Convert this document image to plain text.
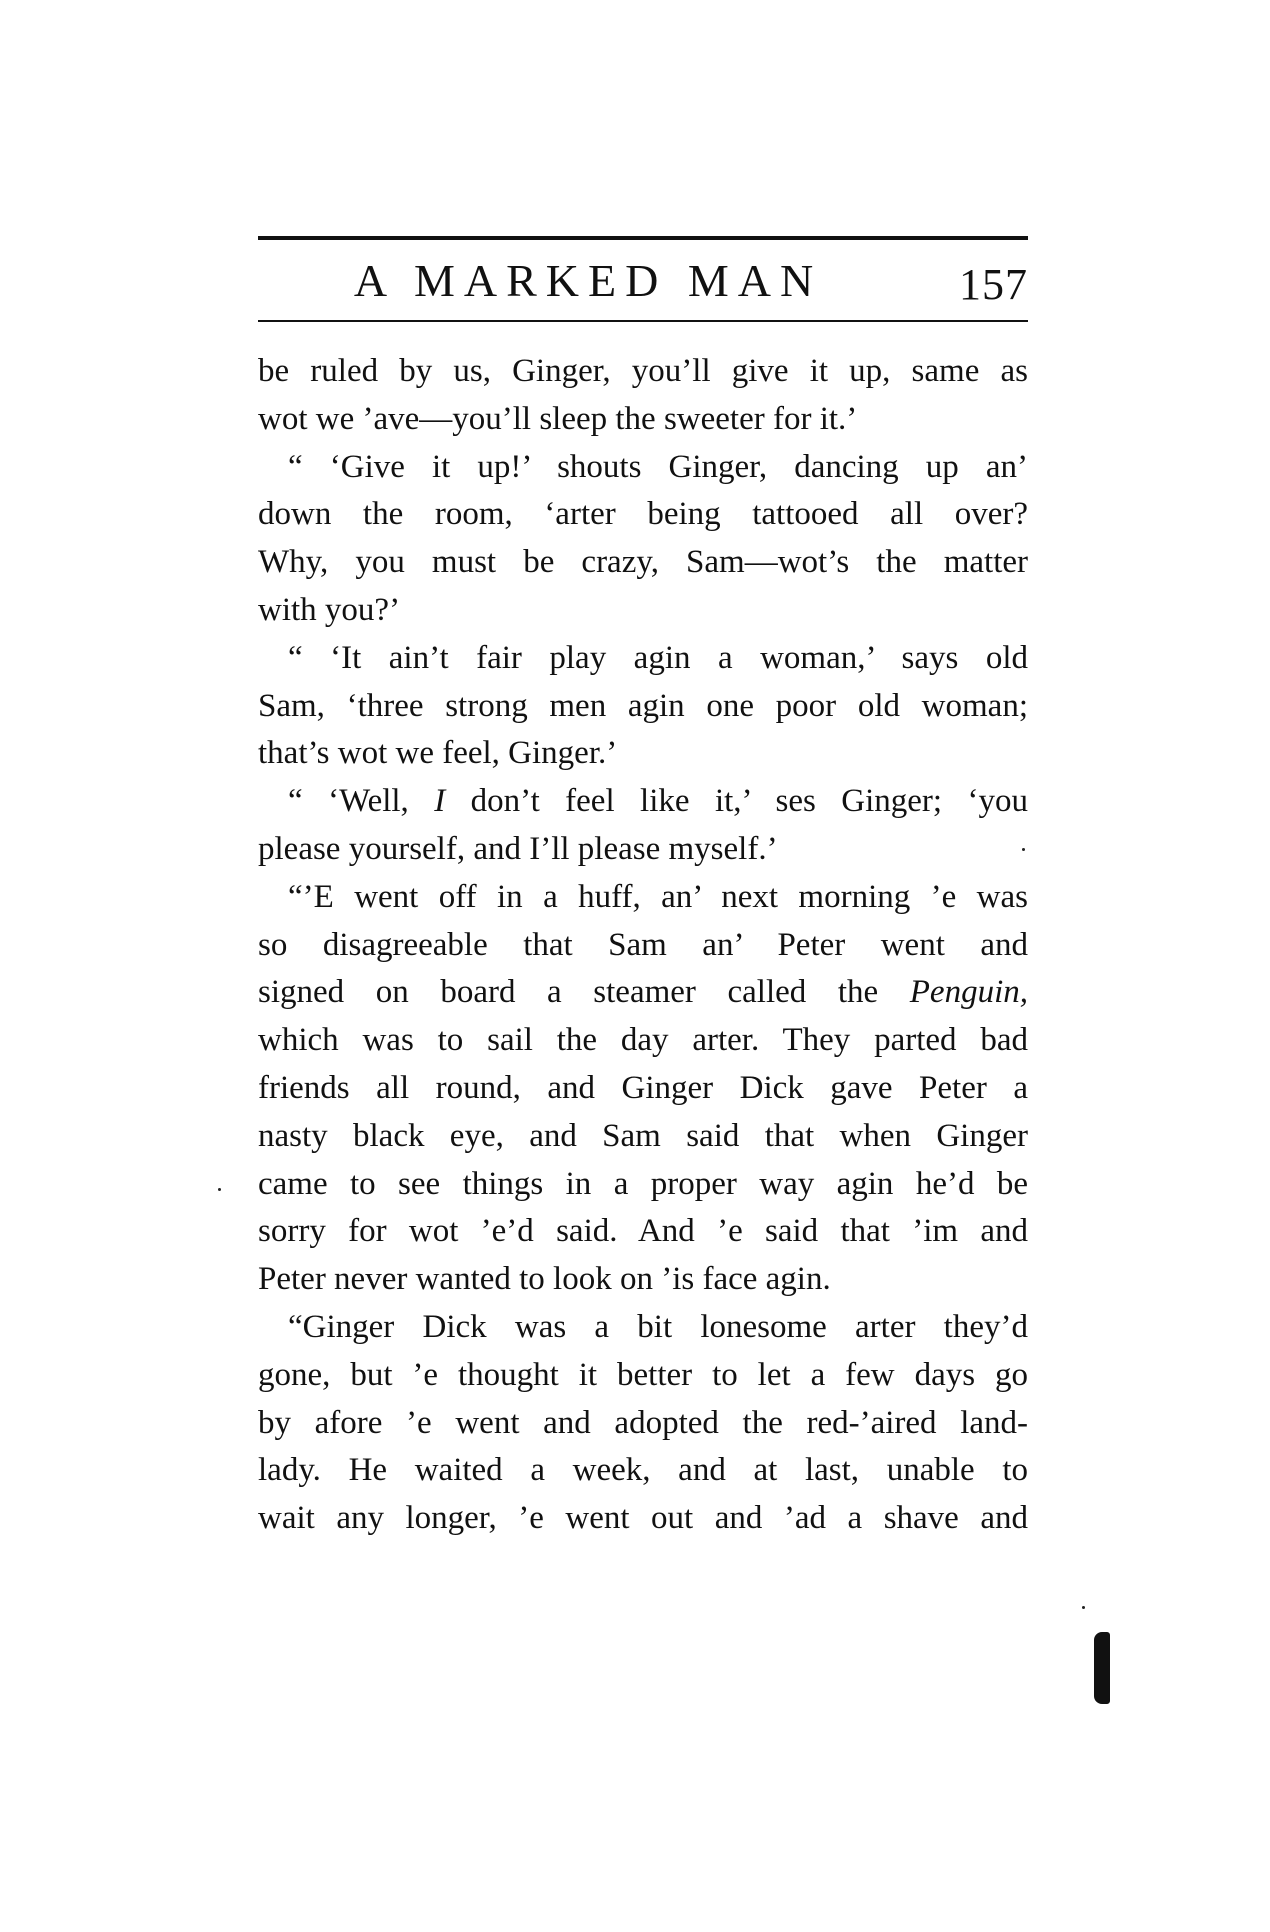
A MARKED MAN	157
be ruled by us, Ginger, you’ll give it up, same as
wot we ’ave—you’ll sleep the sweeter for it.’
“ ‘Give it up!’ shouts Ginger, dancing up an’
down the room, ‘arter being tattooed all over?
Why, you must be crazy, Sam—wot’s the matter
with you?’
“ ‘It ain’t fair play agin a woman,’ says old
Sam, ‘three strong men agin one poor old woman;
that’s wot we feel, Ginger.’
“ ‘Well, I don’t feel like it,’ ses Ginger; ‘you
please yourself, and I’ll please myself.’
“’E went off in a huff, an’ next morning ’e was
so disagreeable that Sam an’ Peter went and
signed on board a steamer called the Penguin,
which was to sail the day arter. They parted bad
friends all round, and Ginger Dick gave Peter a
nasty black eye, and Sam said that when Ginger
came to see things in a proper way agin he’d be
sorry for wot ’e’d said. And ’e said that ’im and
Peter never wanted to look on ’is face agin.
“Ginger Dick was a bit lonesome arter they’d
gone, but ’e thought it better to let a few days go
by afore ’e went and adopted the red-’aired land-
lady. He waited a week, and at last, unable to
wait any longer, ’e went out and ’ad a shave and
